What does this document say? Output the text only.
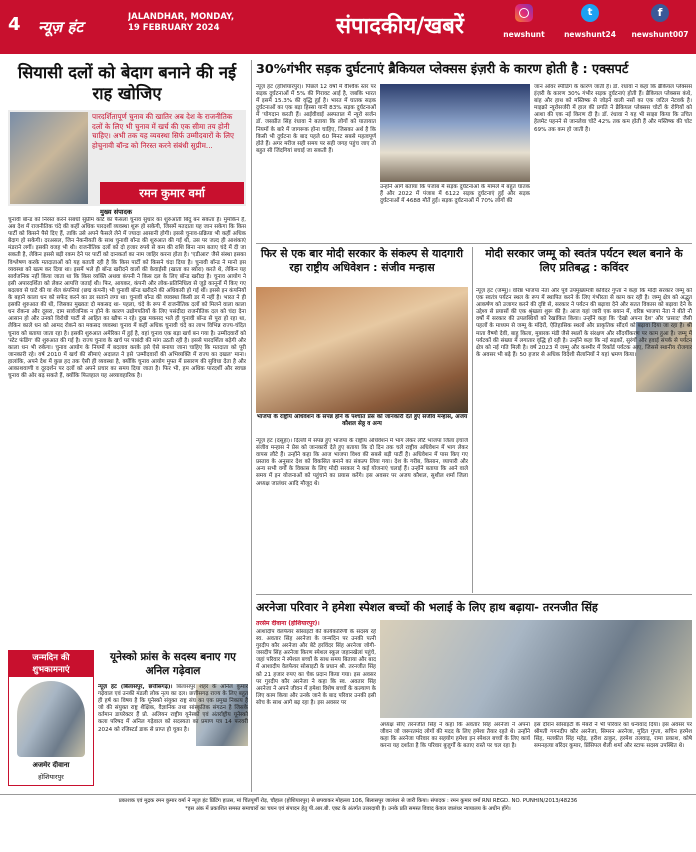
4	न्यूज़ हंट
JALANDHAR, MONDAY,
19 FEBRUARY 2024	संपादकीय/खबरें	newshunt
t
newshunt24
f
newshunt007
सियासी दलों को बेदाग बनाने की नई राह खोजिए
पारदर्शितापूर्ण चुनाव की खातिर अब देश के राजनीतिक दलों के लिए भी चुनाव में खर्च की एक सीमा तय होनी चाहिए। अभी तक यह व्यवस्था सिर्फ उम्मीदवारों के लिए होचुनावी बॉन्ड को निरस्त करने संबंधी सुप्रीम...
रमन कुमार वर्मा
मुख्य संपादक
चुनावी बॉन्ड को निरस्त करने संबंधी सुप्रीम कोर्ट का फैसला चुनाव सुधार का शुरुआती बिंदु बन सकता है। मुमकिन है, अब देश में राजनीतिक चंदे की कहीं अधिक पारदर्शी व्यवस्था शुरू हो सकेगी, जिसमें मतदाता यह जान सकेगा कि किस पार्टी को किसने पैसे दिए हैं, ताकि उसे अपने फैसले लेने में ज्यादा आसानी होगी। इससे चुनाव-प्रक्रिया भी कहीं अधिक बेदाग हो सकेगी। दरअसल, जिन नेकनीयती के साथ चुनावी बॉन्ड की शुरुआत की गई थी, उस पर जल्द ही आशंकाएं मंडराने लगीं। इसकी वजह भी थी। राजनीतिक दलों को दो हजार रुपये से कम की राशि बिना नाम बताए चंदे में दी जा सकती है, लेकिन इससे बड़ी रकम देने पर पार्टी को दानकर्ता का नाम जाहिर करना होता है। 'एडीआर' जैसे संस्था इसका विश्लेषण करके मतदाताओं को यह बताती रही है कि किस पार्टी को किसने चंदा दिया है। चुनावी बॉन्ड ने मानो इस व्यवस्था को खत्म कर दिया था। इसमें भले ही बॉन्ड खरीदने वालों की केवाईसी (खाता का ब्योरा) करते थे, लेकिन यह सार्वजनिक नहीं किया जाता था कि किस व्यक्ति अथवा कंपनी ने किस दल के लिए बॉन्ड खरीदा है। चुनाव आयोग ने इसी अपारदर्शिता को लेकर आपत्ति जताई थी। फिर, आयकर, कंपनी और लोक-प्रतिनिधित्व से जुड़े कानूनों में किए गए बदलाव से घाटे की या शेल कंपनियां (छद्म कंपनी) भी चुनावी बॉन्ड खरीदने की अधिकारी हो गई थीं। इससे इन कंपनियों के बहाने काला धन को सफेद करने का डर सताने लगा था। चुनावी बॉन्ड की व्यवस्था किसी डर में नहीं है। भारत ने ही इसकी शुरुआत की थी, जिसका मुख्यतः दो मकसद था- पहला, चंदे के रूप में राजनीतिक दलों को मिलने वाला काला धन रोकना और दूसरा, दाम सार्वजनिक न होने के कारण उद्योगपतियों के लिए पसंदीदा राजनीतिक दल को चंदा देना आसान हो और उनको विरोधी पार्टी से आहित का खौफ न रहे। दुख मकसद भले ही चुनावी बॉन्ड से पूरा हो रहा था, लेकिन काले धन को आमद रोकने का मकसद व्यवस्था चुनाव में कहीं अधिक चुनावी चंदे का लाभ विभिन्न राज्य-चंदित चुनाव को बताया जाता रहा है। इसकी शुरुआत अमेरिका में हुई है, वहां चुनाव एक बड़ा खर्च बन गया है। उम्मीदवारों को 'स्टेट फंडिंग' की शुरुआत की गई है। राज्य चुनाव के खर्च पर पाबंदी की मांग उठती रही है। इससे पारदर्शिता बढ़ेगी और काला धन भी रुकेगा। चुनाव आयोग के नियमों में बदलाव करके इसे ऐसे बनाया जाना चाहिए कि मतदाता को पूरी जानकारी रहे। वर्ष 2010 में खर्च की सीमाएं अदालत ने इसे 'उम्मीदवारों की अभिव्यक्ति में राज्य का दखल' माना। हालांकि, अपने देश में कुछ हद तक ऐसी ही व्यवस्था है, क्योंकि चुनाव आयोग मुफ्त में प्रसारण की सुविधा देता है और आकाशवाणी व दूरदर्शन पर दलों को अपने प्रचार का समय दिया जाता है। फिर भी, हम अधिक पारदर्शी और स्वच्छ चुनाव की ओर बढ़ सकते हैं, क्योंकि फिलहाल यह अव्यावहारिक है।
जन्मदिन की
शुभकामनाएं
अजमेर दीवाना
होशियारपुर
यूनेस्को फ्रांस के सदस्य बनाए गए अनिल गढ़ेवाल
न्यूज़ हंट (बिलासपुर, छत्तीसगढ़)। बिलासपुर शहर के अनिल कुमार गढ़ेवाल एवं उनकी मंडली लोक नृत्य का दल। छत्तीसगढ़ राज्य के लिए बहुत ही हर्ष का विषय है कि यूनेस्को संयुक्त राष्ट्र संघ का एक प्रमुख निकाय है जो की संयुक्त राष्ट्र शैक्षिक, वैज्ञानिक तथा सांस्कृतिक संगठन है जिसके वर्तमान डायरेक्टर हैं प्रो. अलियन राष्ट्रीय यूनेस्को एवं अंतर्राष्ट्रीय यूनेस्को कला परिषद में अनिल गढ़ेवाल को सदस्यता का प्रमाण पत्र 14 फरवरी 2024 को रजिस्टर्ड डाक से प्राप्त हो चुका है।
30%गंभीर सड़क दुर्घटनाएं ब्रैकियल प्लेक्सस इंज़री के कारण होती है : एक्सपर्ट
न्यूज़ हंट (होशियारपुर)। पिछले 12 वर्षों में वैश्विक स्तर पर सड़क दुर्घटनाओं में 5% की गिरावट आई है, जबकि भारत में इसमें 15.3% की वृद्धि हुई है। भारत में घातक सड़क दुर्घटनाओं का एक बड़ा हिस्सा यानी 83% सड़क दुर्घटनाओं में 'योगदान करती हैं। आईवीवाई अस्पताल में न्यूरो सर्जन डॉ. जसप्रीत सिंह रंधावा ने बताया कि लोगों को यातायात नियमों के बारे में जागरूक होना चाहिए, जिसका अर्थ है कि किसी भी दुर्घटना के बाद पहले 60 मिनट सबसे महत्वपूर्ण होते हैं। अगर मरीज सही समय पर सही जगह पहुंच जाए तो बहुत सी जिंदगियां बचाई जा सकती हैं।
उन्होंने आगे बताया कि पंजाब में सड़क दुर्घटनाओं के मामले में बहुत घातक हैं और 2022 में पंजाब में 6122 सड़क दुर्घटनाएं हुईं और सड़क दुर्घटनाओं में 4688 मौतें हुईं। सड़क दुर्घटनाओं में 70% लोगों की
जान ओवर स्पीडिंग के कारण जाती है। डॉ. रंधावा ने कहा कि ब्रैकियल प्लेक्सस इंज़री के कारण 30% गंभीर सड़क दुर्घटनाएं होती हैं। ब्रैकियल प्लेक्सस कंधे, बांह और हाथ को मस्तिष्क से जोड़ने वाली नसों का एक जटिल नेटवर्क है। माइक्रो न्यूरोसर्जरी में हाल की प्रगति ने ब्रैकियल प्लेक्सस चोटों के रोगियों को आशा की एक नई किरण दी है। डॉ. रंधावा ने यह भी साझा किया कि उचित हेलमेट पहनने से जानलेवा चोटें 42% तक कम होती हैं और मस्तिष्क की चोट 69% तक कम हो जाती है।
फिर से एक बार मोदी सरकार के संकल्प से यादगारी रहा राष्ट्रीय अधिवेशन : संजीव मन्हास
भाजपा के राष्ट्रीय अधिवेशन के संपन्न होने के पश्चात प्रेस को जानकारी देते हुए संजीव मन्हास, अजय कौशल सेठ्ठ व अन्य
न्यूज़ हंट (दसूहा)। दिल्ली में संपन्न हुए भाजपा के राष्ट्रीय अधिवेशन में भाग लेकर लौटे भाजपा जिला इंचार्ज संजीव मन्हास ने प्रेस को जानकारी देते हुए बताया कि दो दिन तक चले राष्ट्रीय अधिवेशन में भाग लेकर वापस लौटे हैं। उन्होंने कहा कि आज भाजपा विश्व की सबसे बड़ी पार्टी है। अधिवेशन में पास किए गए प्रस्ताव के अनुसार देश को विकसित बनाने का संकल्प लिया गया। देश के गरीब, किसान, व्यापारी और अन्य सभी वर्गों के विकास के लिए मोदी सरकार ने कई योजनाएं चलाई हैं। उन्होंने बताया कि आने वाले समय में इन योजनाओं को पहुंचाने का प्रयास करेंगे। इस अवसर पर अजय कौशल, सुशील शर्मा जिला अध्यक्ष जालंधर आदि मौजूद थे।
मोदी सरकार जम्मू को स्वतंत्र पर्यटन स्थल बनाने के लिए प्रतिबद्ध : कविंदर
न्यूज़ हंट (जम्मू)। वरिष्ठ भाजपा नेता और पूर्व उपमुख्यमंत्री कविंदर गुप्ता ने कहा कि मोदी सरकार जम्मू को एक स्वतंत्र पर्यटन स्थल के रूप में स्थापित करने के लिए गंभीरता से काम कर रही है। जम्मू क्षेत्र को अद्भुत आकर्षण को उजागर करने की दृष्टि से, सरकार ने पर्यटन की बढ़ावा देने और सतत विकास को बढ़ावा देने के उद्देश्य से प्रयासों की एक श्रृंखला शुरू की है। आज यहां जारी एक बयान में, वरिष्ठ भाजपा नेता ने बीते नौ वर्षों में सरकार की उपलब्धियों को रेखांकित किया। उन्होंने कहा कि 'देखो अपना देश' और 'प्रसाद' जैसी पहलों के माध्यम से जम्मू के मंदिरों, ऐतिहासिक स्थलों और प्राकृतिक सौंदर्य को बढ़ावा दिया जा रहा है। श्री माता वैष्णो देवी, बाहु किला, मुबारक मंडी जैसे स्थलों के संरक्षण और सौंदर्यीकरण पर काम हुआ है। जम्मू में पर्यटकों की संख्या में लगातार वृद्धि हो रही है। उन्होंने कहा कि नई सड़कों, सुरंगों और हवाई संपर्क से पर्यटन क्षेत्र को नई गति मिली है। वर्ष 2023 में जम्मू और कश्मीर में रिकॉर्ड पर्यटक आए, जिससे स्थानीय रोजगार के अवसर भी बढ़े हैं। 50 हजार से अधिक विदेशी सैलानियों ने यहां भ्रमण किया।
अरनेजा परिवार ने हमेशा स्पेशल बच्चों की भलाई के लिए हाथ बढ़ाया- तरनजीत सिंह
तरसेम दीवाना (होशियारपुर)।
आशादीप वेलफेयर सोसाइटी की कार्यकारिणी के सदस्य रहे स्व. अवतार सिंह अरनेजा के जन्मदिन पर उनकी पत्नी गुरदीप कौर अरनेजा और बेटे हरविंदर सिंह अरनेजा जोगी-जसदीप सिंह अरनेजा किरण स्पेशल स्कूल जहानखेलां पहुंचे, जहां परिवार ने स्पेशल बच्चों के साथ समय बिताया और बाद में आशादीप वेलफेयर सोसाइटी के प्रधान श्री. तरनजीत सिंह को 21 हजार रुपए का चेक प्रदान किया गया। इस अवसर पर गुरदीप कौर अरनेजा ने कहा कि स्व. अवतार सिंह अरनेजा ने अपने जीवन में हमेशा विशेष बच्चों के कल्याण के लिए काम किया और उनके जाने के बाद परिवार उनकी इसी सोच के साथ आगे बढ़ रहा है। इस अवसर पर
अध्यक्ष सीए तरनजीत सिंह ने कहा कि अवतार सिंह अरनेजा ने अपना जीवन जो जरूरतमंद लोगों की मदद के लिए हमेशा तैयार रहते थे। उन्होंने कहा कि अरनेजा परिवार का सहयोग हमेशा इन स्पेशल बच्चों के लिए कार्य करना यह दर्शाता है कि परिवार बुजुर्गों के बताए रास्ते पर चल रहा है।
इस दौरान सोसाइटी के मेंबरों ने भी परिवार को धन्यवाद दिया। इस अवसर पर श्रीमती गगनदीप कौर अरनेजा, सिमरन अरनेजा, मुदित गुप्ता, सचिन हरमेश सिंह, मलकीत सिंह महेड़, हरीश ठाकुर, हरमेश तलवाड़, रामा प्रकाश, कोषे समनहत्या बरिंदर कुमार, प्रिंसिपल शैली शर्मा और स्टाफ सदस्य उपस्थित थे।
प्रकाशक एवं मुद्रक रमन कुमार वर्मा ने न्यूज़ हंट प्रिंटिंग हाउस, मां चिंतपूर्णी रोड़, चौहाल (होशियारपुर) से छपवाकर मोहल्ला 106, बिलासपुर जालंधर से जारी किया। संपादक : रमन कुमार वर्मा RNI REGD. NO. PUNHIN/2013/48236
*इस अंक में प्रकाशित समस्त समाचारों का चयन एवं संपादन हेतु पी.आर.बी. एक्ट के अंतर्गत उत्तरदायी है। उनके प्रति समस्त विवाद केवल जालंधर न्यायालय के अधीन होंगे।
